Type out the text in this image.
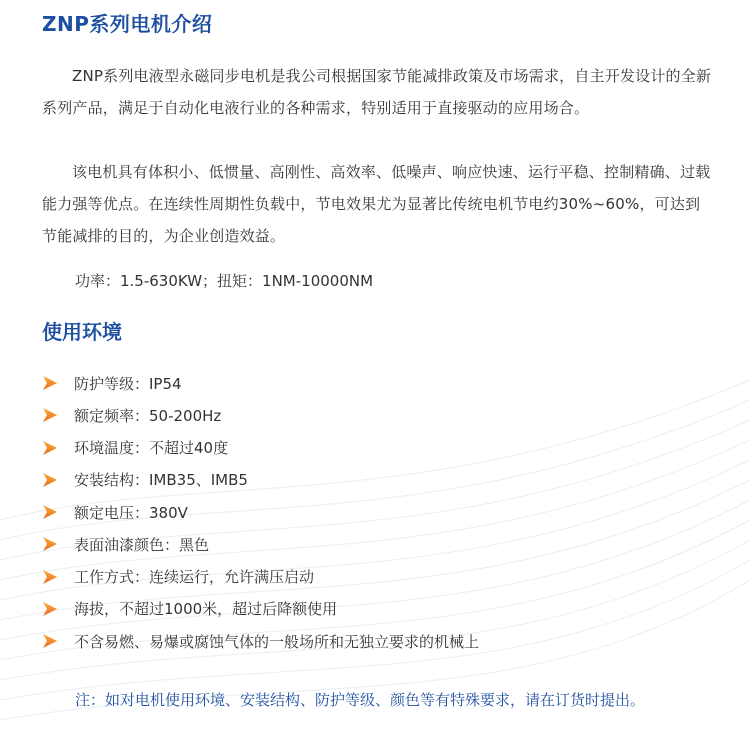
ZNP系列电机介绍

ZNP系列电液型永磁同步电机是我公司根据国家节能减排政策及市场需求，自主开发设计的全新系列产品，满足于自动化电液行业的各种需求，特别适用于直接驱动的应用场合。

该电机具有体积小、低惯量、高刚性、高效率、低噪声、响应快速、运行平稳、控制精确、过载能力强等优点。在连续性周期性负载中，节电效果尤为显著比传统电机节电约30%~60%，可达到节能减排的目的，为企业创造效益。

功率：1.5-630KW；扭矩：1NM-10000NM

使用环境
防护等级：IP54
额定频率：50-200Hz
环境温度：不超过40度
安装结构：IMB35、IMB5
额定电压：380V
表面油漆颜色：黑色
工作方式：连续运行，允许满压启动
海拔，不超过1000米，超过后降额使用
不含易燃、易爆或腐蚀气体的一般场所和无独立要求的机械上

注：如对电机使用环境、安装结构、防护等级、颜色等有特殊要求，请在订货时提出。
